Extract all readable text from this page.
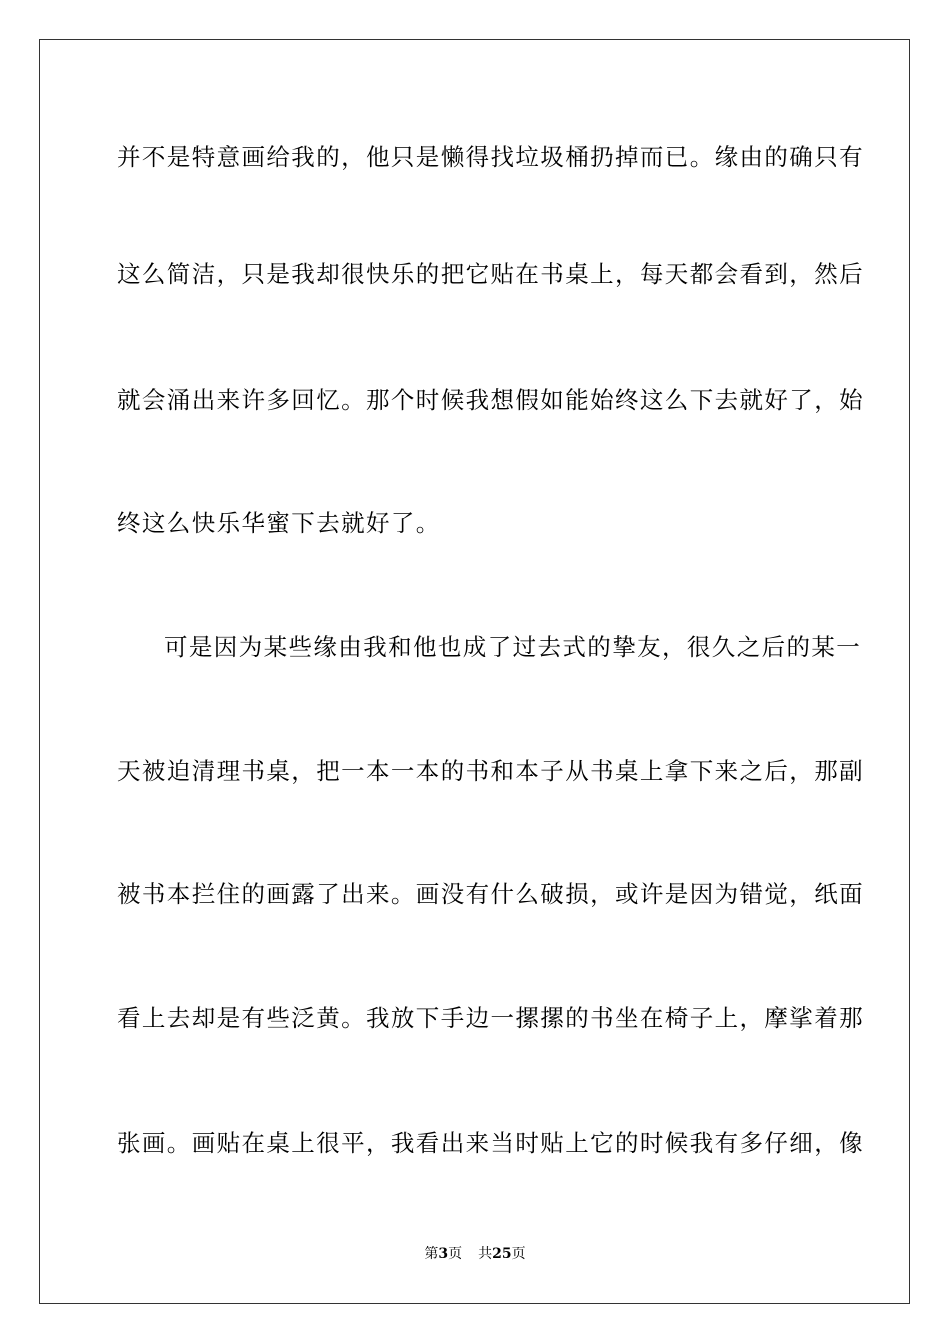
并不是特意画给我的，他只是懒得找垃圾桶扔掉而已。缘由的确只有
这么简洁，只是我却很快乐的把它贴在书桌上，每天都会看到，然后
就会涌出来许多回忆。那个时候我想假如能始终这么下去就好了，始
终这么快乐华蜜下去就好了。
可是因为某些缘由我和他也成了过去式的挚友，很久之后的某一
天被迫清理书桌，把一本一本的书和本子从书桌上拿下来之后，那副
被书本拦住的画露了出来。画没有什么破损，或许是因为错觉，纸面
看上去却是有些泛黄。我放下手边一摞摞的书坐在椅子上，摩挲着那
张画。画贴在桌上很平，我看出来当时贴上它的时候我有多仔细，像
第3页 共25页
